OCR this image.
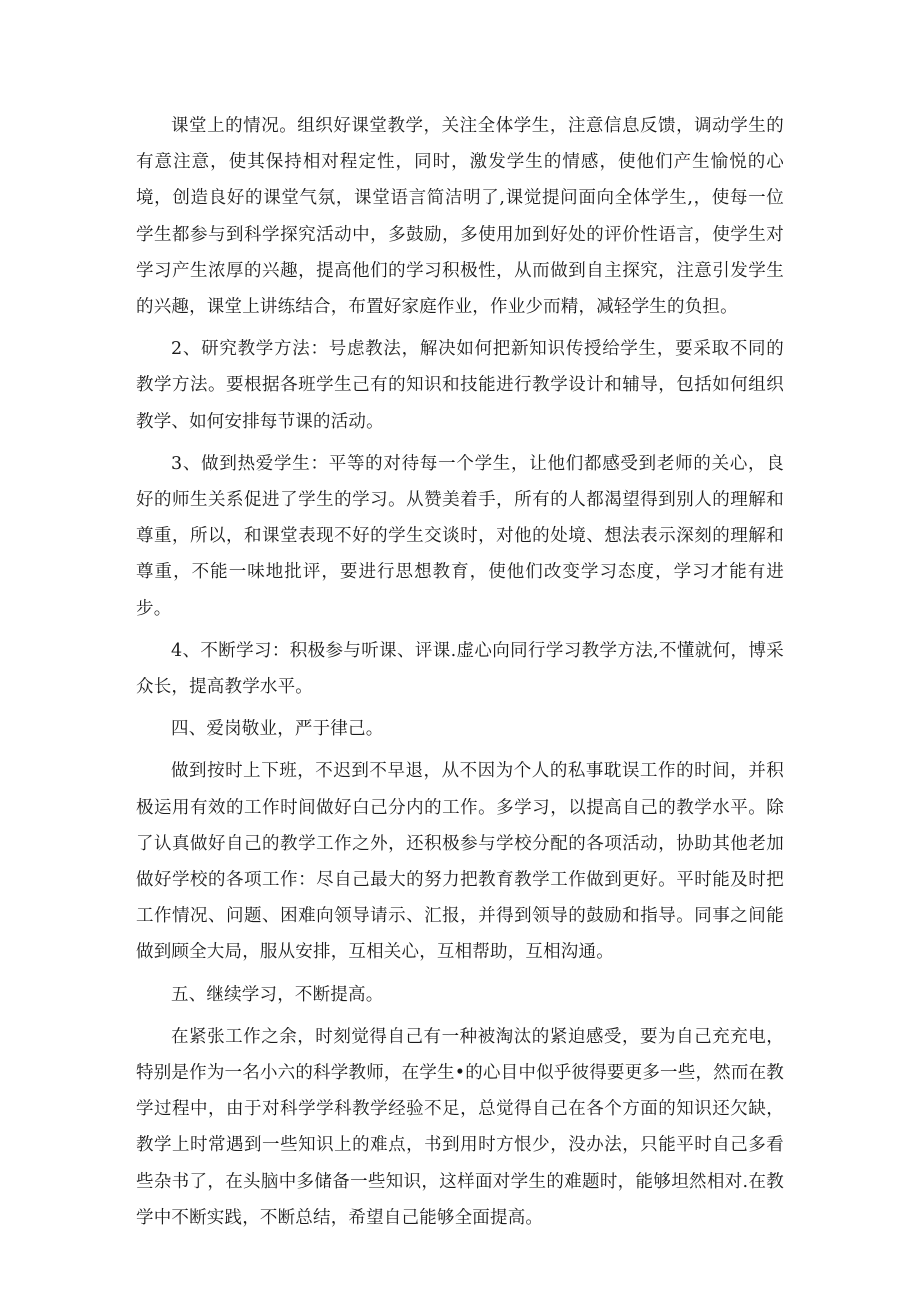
课堂上的情况。组织好课堂教学，关注全体学生，注意信息反馈，调动学生的有意注意，使其保持相对程定性，同时，激发学生的情感，使他们产生愉悦的心境，创造良好的课堂气氛，课堂语言简洁明了,课觉提问面向全体学生,，使每一位学生都参与到科学探究活动中，多鼓励，多使用加到好处的评价性语言，使学生对学习产生浓厚的兴趣，提高他们的学习积极性，从而做到自主探究，注意引发学生的兴趣，课堂上讲练结合，布置好家庭作业，作业少而精，减轻学生的负担。

2、研究教学方法：号虑教法，解决如何把新知识传授给学生，要采取不同的教学方法。要根据各班学生己有的知识和技能进行教学设计和辅导，包括如何组织教学、如何安排每节课的活动。

3、做到热爱学生：平等的对待每一个学生，让他们都感受到老师的关心，良好的师生关系促进了学生的学习。从赞美着手，所有的人都渴望得到别人的理解和尊重，所以，和课堂表现不好的学生交谈时，对他的处境、想法表示深刻的理解和尊重，不能一味地批评，要进行思想教育，使他们改变学习态度，学习才能有进步。

4、不断学习：积极参与听课、评课.虚心向同行学习教学方法,不懂就何，博采众长，提高教学水平。

四、爱岗敬业，严于律己。

做到按时上下班，不迟到不早退，从不因为个人的私事耽误工作的时间，并积极运用有效的工作时间做好白己分内的工作。多学习，以提高自己的教学水平。除了认真做好自己的教学工作之外，还积极参与学校分配的各项活动，协助其他老加做好学校的各项工作：尽自己最大的努力把教育教学工作做到更好。平时能及时把工作情况、问题、困难向领导请示、汇报，并得到领导的鼓励和指导。同事之间能做到顾全大局，服从安排，互相关心，互相帮助，互相沟通。

五、继续学习，不断提高。

在紧张工作之余，时刻觉得自己有一种被淘汰的紧迫感受，要为自己充充电，特别是作为一名小六的科学教师，在学生•的心目中似乎彼得要更多一些，然而在教学过程中，由于对科学学科教学经验不足，总觉得自己在各个方面的知识还欠缺，教学上时常遇到一些知识上的难点，书到用时方恨少，没办法，只能平时自己多看些杂书了，在头脑中多储备一些知识，这样面对学生的难题时，能够坦然相对.在教学中不断实践，不断总结，希望自己能够全面提高。
